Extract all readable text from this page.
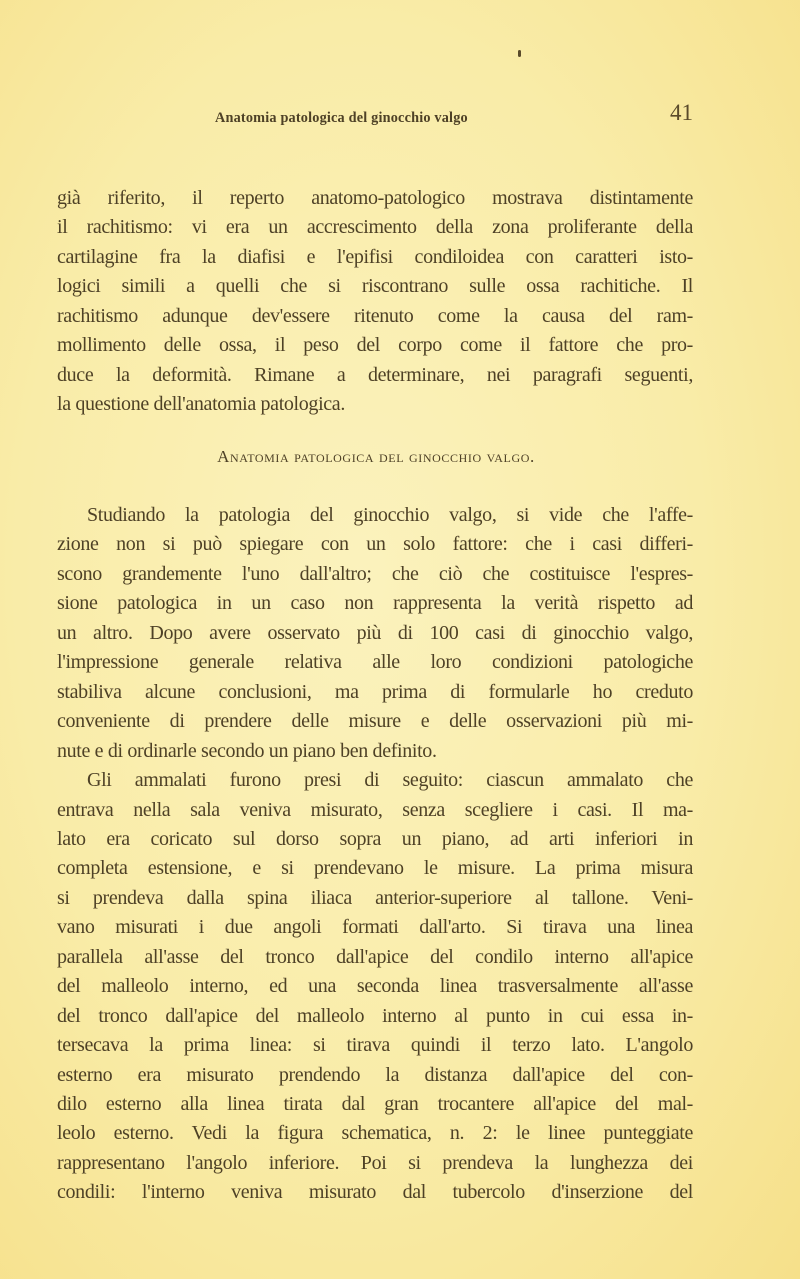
Anatomia patologica del ginocchio valgo	41
Anatomia patologica del ginocchio valgo.
già riferito, il reperto anatomo-patologico mostrava distintamente
il rachitismo: vi era un accrescimento della zona proliferante della
cartilagine fra la diafisi e l'epifisi condiloidea con caratteri isto-
logici simili a quelli che si riscontrano sulle ossa rachitiche. Il
rachitismo adunque dev'essere ritenuto come la causa del ram-
mollimento delle ossa, il peso del corpo come il fattore che pro-
duce la deformità. Rimane a determinare, nei paragrafi seguenti,
la questione dell'anatomia patologica.
Studiando la patologia del ginocchio valgo, si vide che l'affe-
zione non si può spiegare con un solo fattore: che i casi differi-
scono grandemente l'uno dall'altro; che ciò che costituisce l'espres-
sione patologica in un caso non rappresenta la verità rispetto ad
un altro. Dopo avere osservato più di 100 casi di ginocchio valgo,
l'impressione generale relativa alle loro condizioni patologiche
stabiliva alcune conclusioni, ma prima di formularle ho creduto
conveniente di prendere delle misure e delle osservazioni più mi-
nute e di ordinarle secondo un piano ben definito.
Gli ammalati furono presi di seguito: ciascun ammalato che
entrava nella sala veniva misurato, senza scegliere i casi. Il ma-
lato era coricato sul dorso sopra un piano, ad arti inferiori in
completa estensione, e si prendevano le misure. La prima misura
si prendeva dalla spina iliaca anterior-superiore al tallone. Veni-
vano misurati i due angoli formati dall'arto. Si tirava una linea
parallela all'asse del tronco dall'apice del condilo interno all'apice
del malleolo interno, ed una seconda linea trasversalmente all'asse
del tronco dall'apice del malleolo interno al punto in cui essa in-
tersecava la prima linea: si tirava quindi il terzo lato. L'angolo
esterno era misurato prendendo la distanza dall'apice del con-
dilo esterno alla linea tirata dal gran trocantere all'apice del mal-
leolo esterno. Vedi la figura schematica, n. 2: le linee punteggiate
rappresentano l'angolo inferiore. Poi si prendeva la lunghezza dei
condili: l'interno veniva misurato dal tubercolo d'inserzione del
